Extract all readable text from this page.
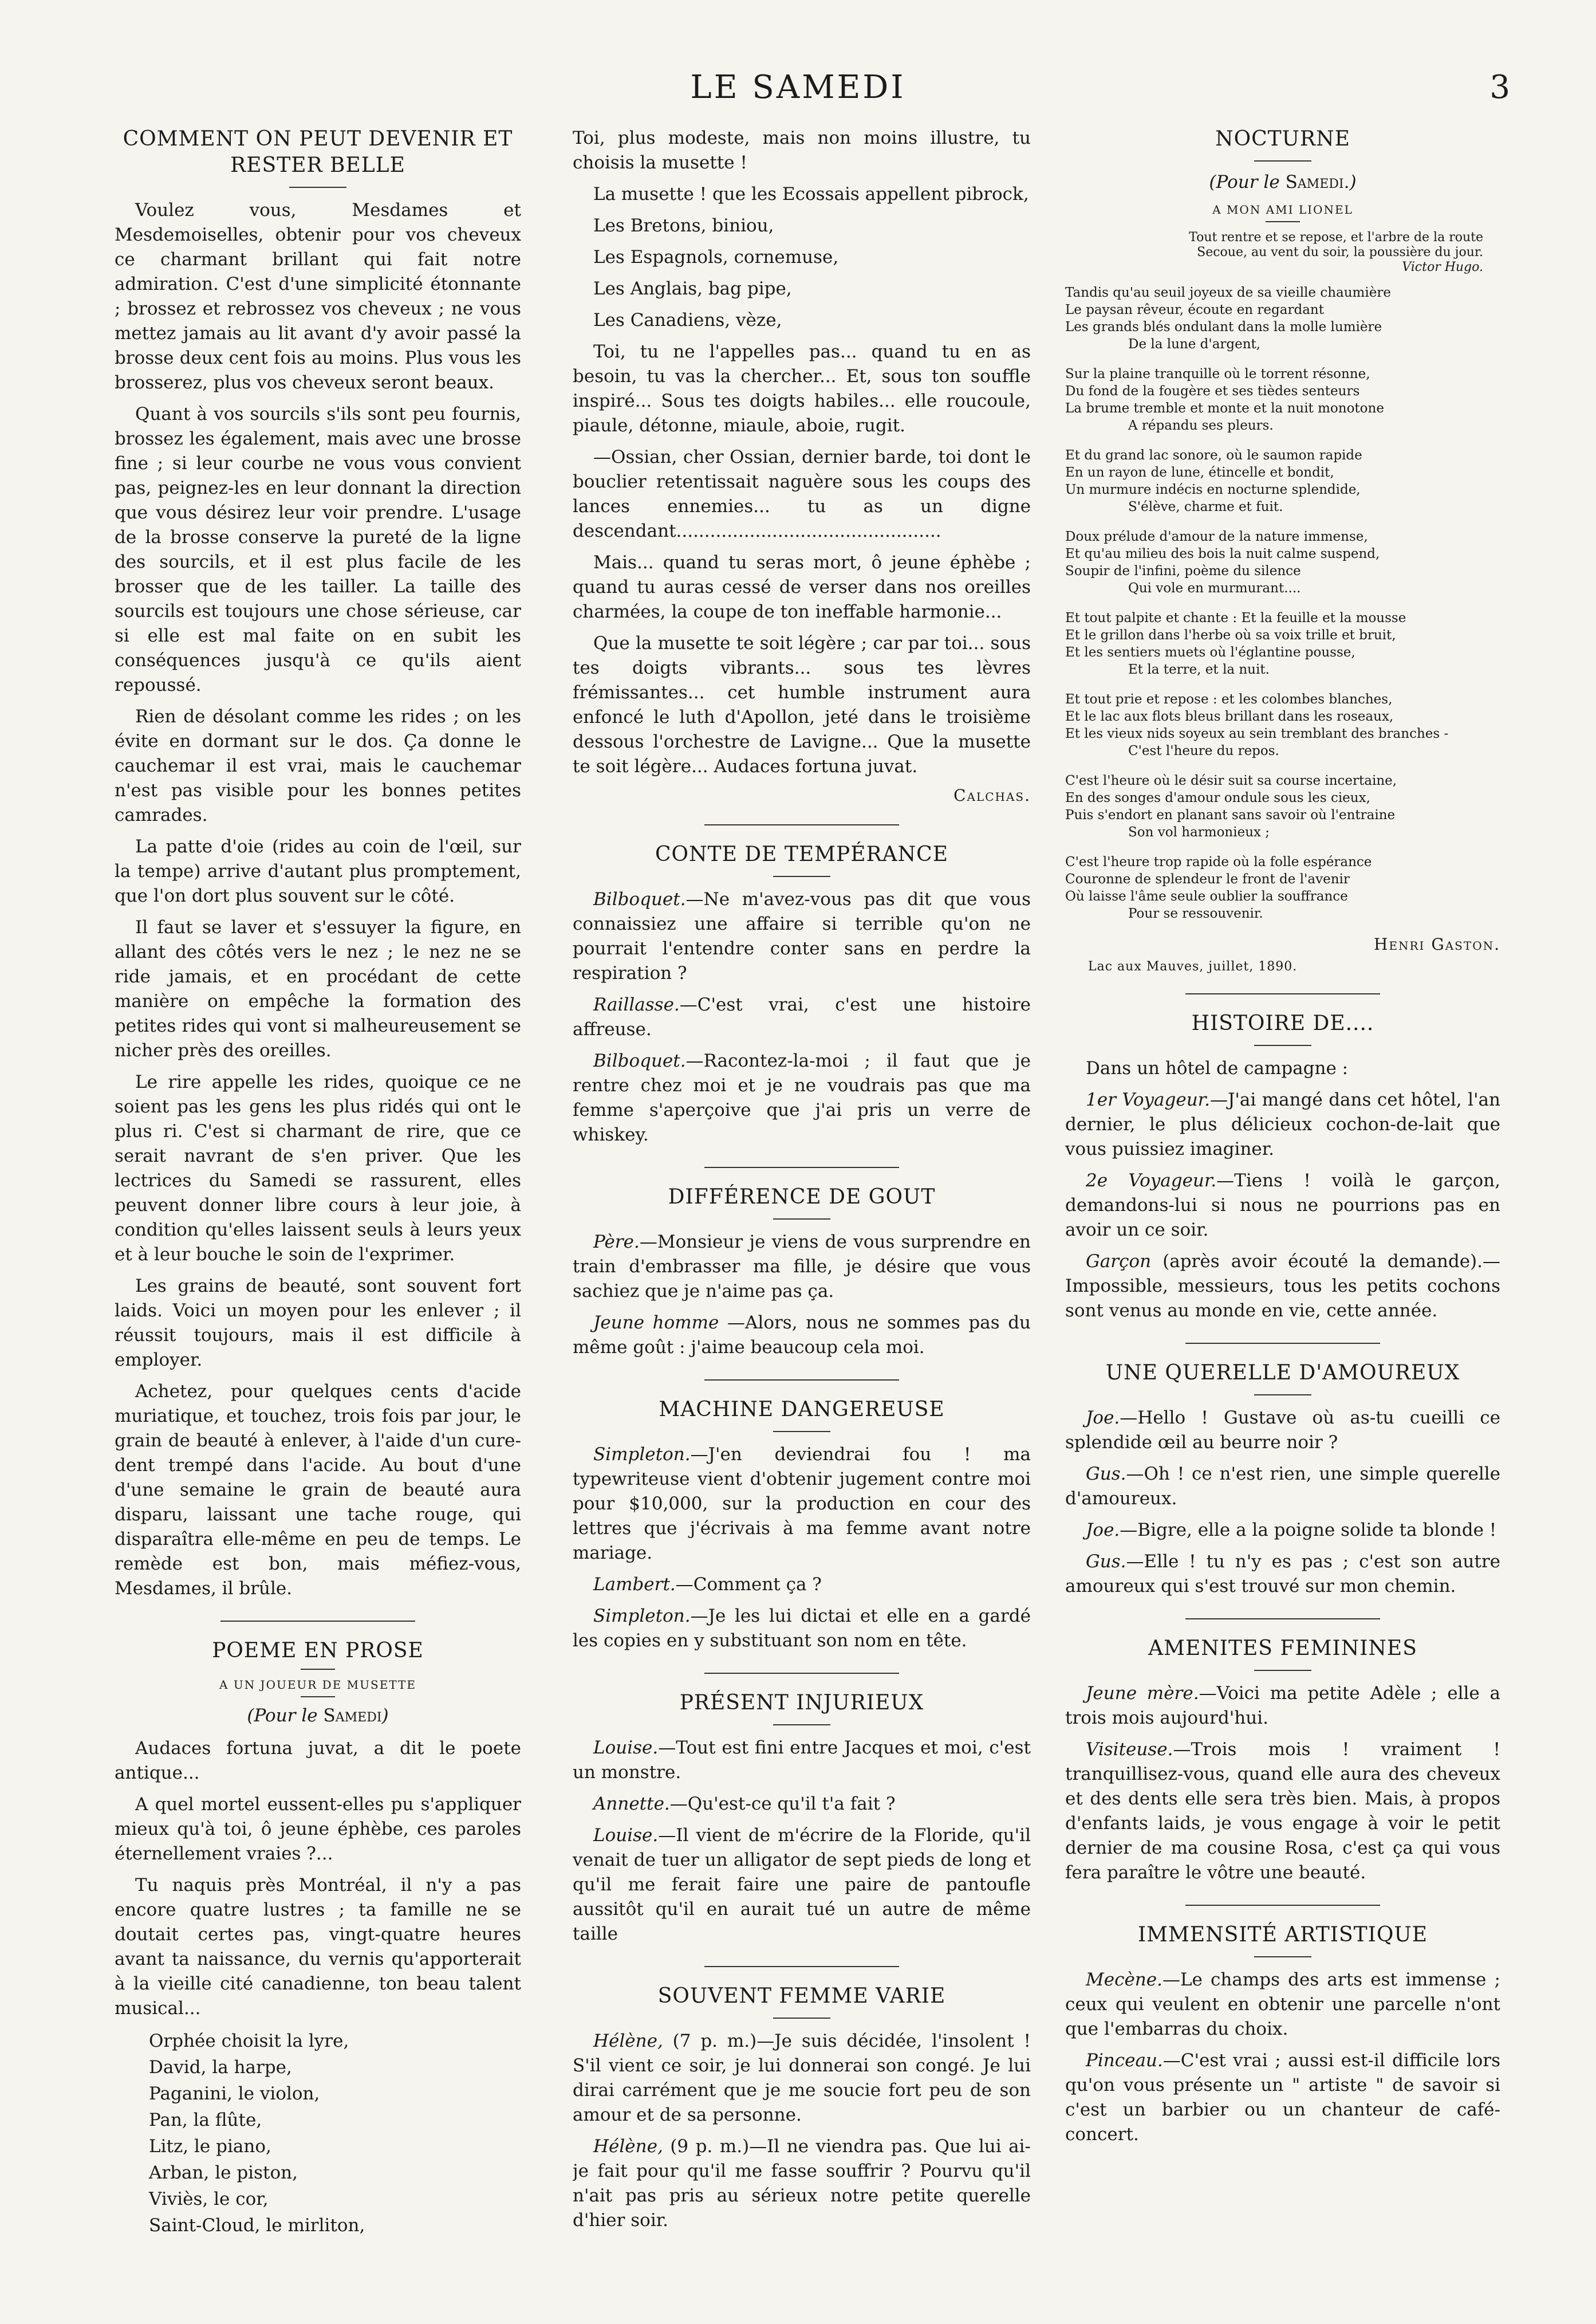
LE SAMEDI	3
COMMENT ON PEUT DEVENIR ET RESTER BELLE

Voulez vous, Mesdames et Mesdemoiselles, obtenir pour vos cheveux ce charmant brillant qui fait notre admiration. C'est d'une simplicité étonnante ; brossez et rebrossez vos cheveux ; ne vous mettez jamais au lit avant d'y avoir passé la brosse deux cent fois au moins. Plus vous les brosserez, plus vos cheveux seront beaux.

Quant à vos sourcils s'ils sont peu fournis, brossez les également, mais avec une brosse fine ; si leur courbe ne vous vous convient pas, peignez-les en leur donnant la direction que vous désirez leur voir prendre. L'usage de la brosse conserve la pureté de la ligne des sourcils, et il est plus facile de les brosser que de les tailler. La taille des sourcils est toujours une chose sérieuse, car si elle est mal faite on en subit les conséquences jusqu'à ce qu'ils aient repoussé.

Rien de désolant comme les rides ; on les évite en dormant sur le dos. Ça donne le cauchemar il est vrai, mais le cauchemar n'est pas visible pour les bonnes petites camrades.

La patte d'oie (rides au coin de l'œil, sur la tempe) arrive d'autant plus promptement, que l'on dort plus souvent sur le côté.

Il faut se laver et s'essuyer la figure, en allant des côtés vers le nez ; le nez ne se ride jamais, et en procédant de cette manière on empêche la formation des petites rides qui vont si malheureusement se nicher près des oreilles.

Le rire appelle les rides, quoique ce ne soient pas les gens les plus ridés qui ont le plus ri. C'est si charmant de rire, que ce serait navrant de s'en priver. Que les lectrices du Samedi se rassurent, elles peuvent donner libre cours à leur joie, à condition qu'elles laissent seuls à leurs yeux et à leur bouche le soin de l'exprimer.

Les grains de beauté, sont souvent fort laids. Voici un moyen pour les enlever ; il réussit toujours, mais il est difficile à employer.

Achetez, pour quelques cents d'acide muriatique, et touchez, trois fois par jour, le grain de beauté à enlever, à l'aide d'un cure-dent trempé dans l'acide. Au bout d'une d'une semaine le grain de beauté aura disparu, laissant une tache rouge, qui disparaîtra elle-même en peu de temps. Le remède est bon, mais méfiez-vous, Mesdames, il brûle.

POEME EN PROSE
A UN JOUEUR DE MUSETTE
(Pour le Samedi)

Audaces fortuna juvat, a dit le poete antique...

A quel mortel eussent-elles pu s'appliquer mieux qu'à toi, ô jeune éphèbe, ces paroles éternellement vraies ?...

Tu naquis près Montréal, il n'y a pas encore quatre lustres ; ta famille ne se doutait certes pas, vingt-quatre heures avant ta naissance, du vernis qu'apporterait à la vieille cité canadienne, ton beau talent musical...

Orphée choisit la lyre,
David, la harpe,
Paganini, le violon,
Pan, la flûte,
Litz, le piano,
Arban, le piston,
Viviès, le cor,
Saint-Cloud, le mirliton,

Toi, plus modeste, mais non moins illustre, tu choisis la musette !

La musette ! que les Ecossais appellent pibrock,

Les Bretons, biniou,

Les Espagnols, cornemuse,

Les Anglais, bag pipe,

Les Canadiens, vèze,

Toi, tu ne l'appelles pas... quand tu en as besoin, tu vas la chercher... Et, sous ton souffle inspiré... Sous tes doigts habiles... elle roucoule, piaule, détonne, miaule, aboie, rugit.

—Ossian, cher Ossian, dernier barde, toi dont le bouclier retentissait naguère sous les coups des lances ennemies... tu as un digne descendant...............................................

Mais... quand tu seras mort, ô jeune éphèbe ; quand tu auras cessé de verser dans nos oreilles charmées, la coupe de ton ineffable harmonie...

Que la musette te soit légère ; car par toi... sous tes doigts vibrants... sous tes lèvres frémissantes... cet humble instrument aura enfoncé le luth d'Apollon, jeté dans le troisième dessous l'orchestre de Lavigne... Que la musette te soit légère... Audaces fortuna juvat.

Calchas.
CONTE DE TEMPÉRANCE

Bilboquet.—Ne m'avez-vous pas dit que vous connaissiez une affaire si terrible qu'on ne pourrait l'entendre conter sans en perdre la respiration ?

Raillasse.—C'est vrai, c'est une histoire affreuse.

Bilboquet.—Racontez-la-moi ; il faut que je rentre chez moi et je ne voudrais pas que ma femme s'aperçoive que j'ai pris un verre de whiskey.

DIFFÉRENCE DE GOUT

Père.—Monsieur je viens de vous surprendre en train d'embrasser ma fille, je désire que vous sachiez que je n'aime pas ça.

Jeune homme —Alors, nous ne sommes pas du même goût : j'aime beaucoup cela moi.

MACHINE DANGEREUSE

Simpleton.—J'en deviendrai fou ! ma typewriteuse vient d'obtenir jugement contre moi pour $10,000, sur la production en cour des lettres que j'écrivais à ma femme avant notre mariage.

Lambert.—Comment ça ?

Simpleton.—Je les lui dictai et elle en a gardé les copies en y substituant son nom en tête.

PRÉSENT INJURIEUX

Louise.—Tout est fini entre Jacques et moi, c'est un monstre.

Annette.—Qu'est-ce qu'il t'a fait ?

Louise.—Il vient de m'écrire de la Floride, qu'il venait de tuer un alligator de sept pieds de long et qu'il me ferait faire une paire de pantoufle aussitôt qu'il en aurait tué un autre de même taille

SOUVENT FEMME VARIE

Hélène, (7 p. m.)—Je suis décidée, l'insolent ! S'il vient ce soir, je lui donnerai son congé. Je lui dirai carrément que je me soucie fort peu de son amour et de sa personne.

Hélène, (9 p. m.)—Il ne viendra pas. Que lui ai-je fait pour qu'il me fasse souffrir ? Pourvu qu'il n'ait pas pris au sérieux notre petite querelle d'hier soir.

NOCTURNE
(Pour le Samedi.)
A MON AMI LIONEL
Tout rentre et se repose, et l'arbre de la route
Secoue, au vent du soir, la poussière du jour.
Victor Hugo.
Tandis qu'au seuil joyeux de sa vieille chaumière
Le paysan rêveur, écoute en regardant
Les grands blés ondulant dans la molle lumière
De la lune d'argent,
Sur la plaine tranquille où le torrent résonne,
Du fond de la fougère et ses tièdes senteurs
La brume tremble et monte et la nuit monotone
A répandu ses pleurs.
Et du grand lac sonore, où le saumon rapide
En un rayon de lune, étincelle et bondit,
Un murmure indécis en nocturne splendide,
S'élève, charme et fuit.
Doux prélude d'amour de la nature immense,
Et qu'au milieu des bois la nuit calme suspend,
Soupir de l'infini, poème du silence
Qui vole en murmurant....
Et tout palpite et chante : Et la feuille et la mousse
Et le grillon dans l'herbe où sa voix trille et bruit,
Et les sentiers muets où l'églantine pousse,
Et la terre, et la nuit.
Et tout prie et repose : et les colombes blanches,
Et le lac aux flots bleus brillant dans les roseaux,
Et les vieux nids soyeux au sein tremblant des branches -
C'est l'heure du repos.
C'est l'heure où le désir suit sa course incertaine,
En des songes d'amour ondule sous les cieux,
Puis s'endort en planant sans savoir où l'entraine
Son vol harmonieux ;
C'est l'heure trop rapide où la folle espérance
Couronne de splendeur le front de l'avenir
Où laisse l'âme seule oublier la souffrance
Pour se ressouvenir.
Henri Gaston.
Lac aux Mauves, juillet, 1890.
HISTOIRE DE....

Dans un hôtel de campagne :

1er Voyageur.—J'ai mangé dans cet hôtel, l'an dernier, le plus délicieux cochon-de-lait que vous puissiez imaginer.

2e Voyageur.—Tiens ! voilà le garçon, demandons-lui si nous ne pourrions pas en avoir un ce soir.

Garçon (après avoir écouté la demande).—Impossible, messieurs, tous les petits cochons sont venus au monde en vie, cette année.

UNE QUERELLE D'AMOUREUX

Joe.—Hello ! Gustave où as-tu cueilli ce splendide œil au beurre noir ?

Gus.—Oh ! ce n'est rien, une simple querelle d'amoureux.

Joe.—Bigre, elle a la poigne solide ta blonde !

Gus.—Elle ! tu n'y es pas ; c'est son autre amoureux qui s'est trouvé sur mon chemin.

AMENITES FEMININES

Jeune mère.—Voici ma petite Adèle ; elle a trois mois aujourd'hui.

Visiteuse.—Trois mois ! vraiment ! tranquillisez-vous, quand elle aura des cheveux et des dents elle sera très bien. Mais, à propos d'enfants laids, je vous engage à voir le petit dernier de ma cousine Rosa, c'est ça qui vous fera paraître le vôtre une beauté.

IMMENSITÉ ARTISTIQUE

Mecène.—Le champs des arts est immense ; ceux qui veulent en obtenir une parcelle n'ont que l'embarras du choix.

Pinceau.—C'est vrai ; aussi est-il difficile lors qu'on vous présente un " artiste " de savoir si c'est un barbier ou un chanteur de café-concert.
